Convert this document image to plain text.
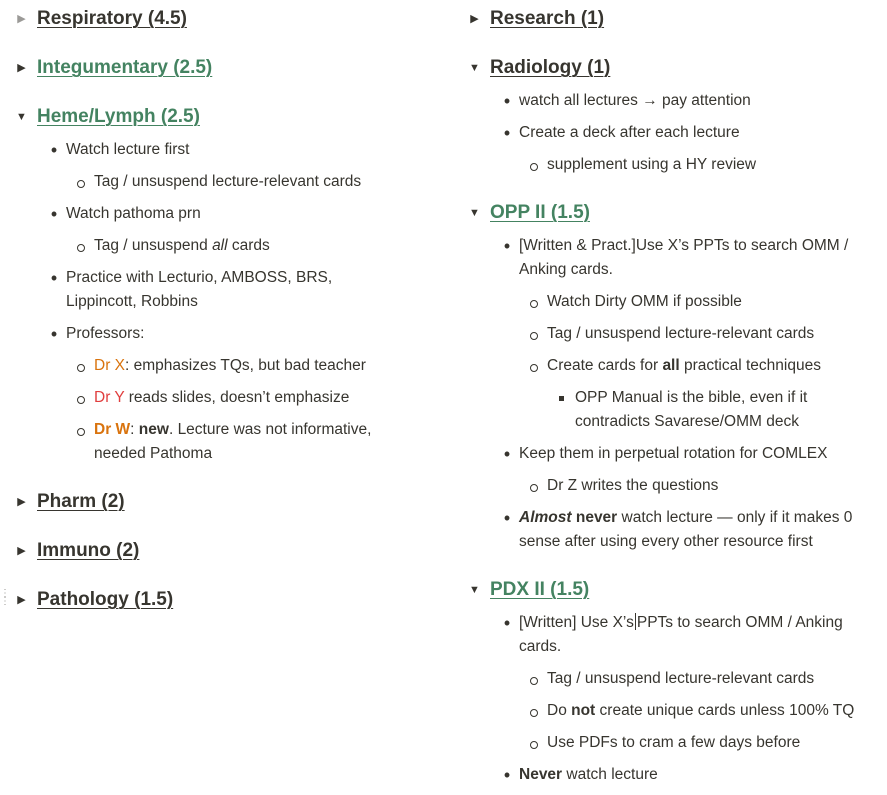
▶ Respiratory (4.5)
▶ Integumentary (2.5)
▼ Heme/Lymph (2.5)
•
Watch lecture first
Tag / unsuspend lecture-relevant cards
•
Watch pathoma prn
Tag / unsuspend all cards
•
Practice with Lecturio, AMBOSS, BRS, Lippincott, Robbins
•
Professors:
Dr X: emphasizes TQs, but bad teacher
Dr Y reads slides, doesn’t emphasize
Dr W: new. Lecture was not informative, needed Pathoma
▶ Pharm (2)
▶ Immuno (2)
⋮
⋮ ▶ Pathology (1.5)
▶ Research (1)
▼ Radiology (1)
•
watch all lectures → pay attention
•
Create a deck after each lecture
supplement using a HY review
▼ OPP II (1.5)
•
[Written & Pract.]Use X’s PPTs to search OMM / Anking cards.
Watch Dirty OMM if possible
Tag / unsuspend lecture-relevant cards
Create cards for all practical techniques
OPP Manual is the bible, even if it contradicts Savarese/OMM deck
•
Keep them in perpetual rotation for COMLEX
Dr Z writes the questions
•
Almost never watch lecture — only if it makes 0 sense after using every other resource first
▼ PDX II (1.5)
•
[Written] Use X’s PPTs to search OMM / Anking cards.
Tag / unsuspend lecture-relevant cards
Do not create unique cards unless 100% TQ
Use PDFs to cram a few days before
•
Never watch lecture
